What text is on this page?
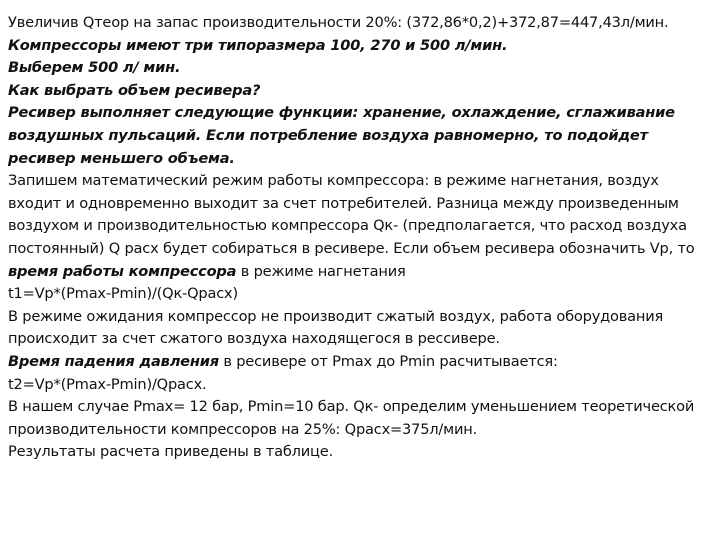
Увеличив Qтеор на запас производительности 20%: (372,86*0,2)+372,87=447,43л/мин.

Компрессоры имеют три типоразмера 100, 270 и 500 л/мин.

Выберем 500 л/ мин.

Как выбрать объем ресивера?

Ресивер выполняет следующие функции: хранение, охлаждение, сглаживание воздушных пульсаций. Если потребление воздуха равномерно, то подойдет ресивер меньшего объема.

Запишем математический режим работы компрессора: в режиме нагнетания, воздух входит и одновременно выходит за счет потребителей. Разница между произведенным воздухом и производительностью компрессора Qк- (предполагается, что расход воздуха постоянный) Q расх будет собираться в ресивере. Если объем ресивера обозначить Vр, то

время работы компрессора в режиме нагнетания

t1=Vр*(Pmax-Pmin)/(Qк-Qрасх)

В режиме ожидания компрессор не производит сжатый воздух, работа оборудования происходит за счет сжатого воздуха находящегося в рессивере.

Время падения давления в ресивере от Pmax до Pmin расчитывается:

t2=Vр*(Pmax-Pmin)/Qрасх.

В нашем случае Pmax= 12 бар, Pmin=10 бар. Qк- определим уменьшением теоретической производительности компрессоров на 25%: Qрасх=375л/мин.

Результаты расчета приведены в таблице.
